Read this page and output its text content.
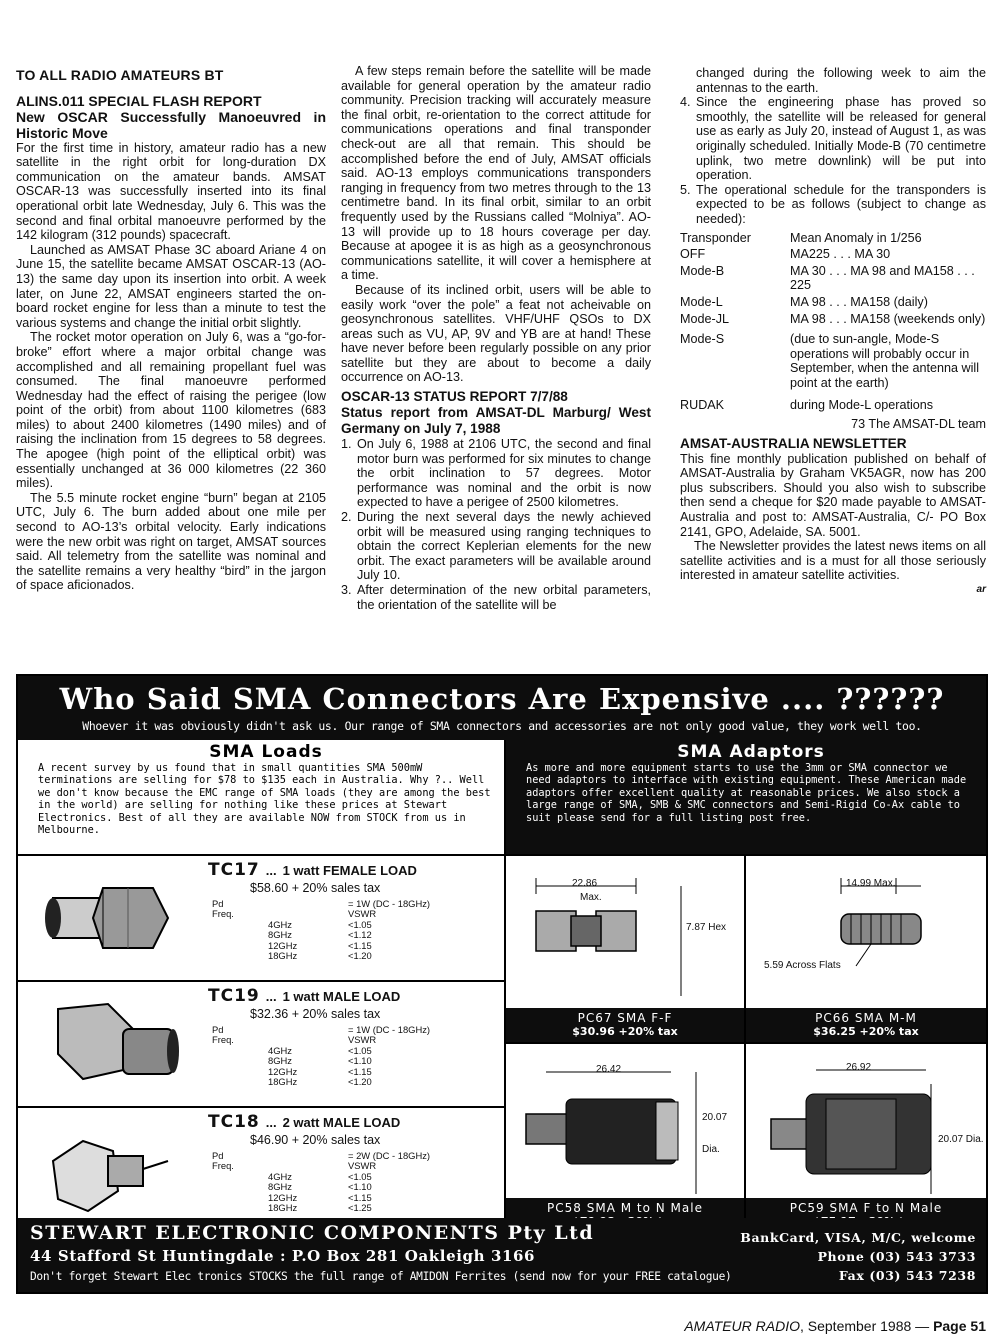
TO ALL RADIO AMATEURS BT
ALINS.011 SPECIAL FLASH REPORT
New OSCAR Successfully Manoeuvred in Historic Move

For the first time in history, amateur radio has a new satellite in the right orbit for long-duration DX communication on the amateur bands. AMSAT OSCAR-13 was successfully inserted into its final operational orbit late Wednesday, July 6. This was the second and final orbital manoeuvre performed by the 142 kilogram (312 pounds) spacecraft.

Launched as AMSAT Phase 3C aboard Ariane 4 on June 15, the satellite became AMSAT OSCAR-13 (AO-13) the same day upon its insertion into orbit. A week later, on June 22, AMSAT engineers started the on-board rocket engine for less than a minute to test the various systems and change the initial orbit slightly.

The rocket motor operation on July 6, was a “go-for-broke” effort where a major orbital change was accomplished and all remaining propellant fuel was consumed. The final manoeuvre performed Wednesday had the effect of raising the perigee (low point of the orbit) from about 1100 kilometres (683 miles) to about 2400 kilometres (1490 miles) and of raising the inclination from 15 degrees to 58 degrees. The apogee (high point of the elliptical orbit) was essentially unchanged at 36 000 kilometres (22 360 miles).

The 5.5 minute rocket engine “burn” began at 2105 UTC, July 6. The burn added about one mile per second to AO-13’s orbital velocity. Early indications were the new orbit was right on target, AMSAT sources said. All telemetry from the satellite was nominal and the satellite remains a very healthy “bird” in the jargon of space aficionados.

A few steps remain before the satellite will be made available for general operation by the amateur radio community. Precision tracking will accurately measure the final orbit, re-orientation to the correct attitude for communications operations and final transponder check-out are all that remain. This should be accomplished before the end of July, AMSAT officials said. AO-13 employs communications transponders ranging in frequency from two metres through to the 13 centimetre band. In its final orbit, similar to an orbit frequently used by the Russians called “Molniya”. AO-13 will provide up to 18 hours coverage per day. Because at apogee it is as high as a geosynchronous communications satellite, it will cover a hemisphere at a time.

Because of its inclined orbit, users will be able to easily work “over the pole” a feat not acheivable on geosynchronous satellites. VHF/UHF QSOs to DX areas such as VU, AP, 9V and YB are at hand! These have never before been regularly possible on any prior satellite but they are about to become a daily occurrence on AO-13.

OSCAR-13 STATUS REPORT 7/7/88
Status report from AMSAT-DL Marburg/ West Germany on July 7, 1988
1. On July 6, 1988 at 2106 UTC, the second and final motor burn was performed for six minutes to change the orbit inclination to 57 degrees. Motor performance was nominal and the orbit is now expected to have a perigee of 2500 kilometres.
2. During the next several days the newly achieved orbit will be measured using ranging techniques to obtain the correct Keplerian elements for the new orbit. The exact parameters will be available around July 10.
3. After determination of the new orbital parameters, the orientation of the satellite will be
changed during the following week to aim the antennas to the earth.
4. Since the engineering phase has proved so smoothly, the satellite will be released for general use as early as July 20, instead of August 1, as was originally scheduled. Initially Mode-B (70 centimetre uplink, two metre downlink) will be put into operation.
5. The operational schedule for the transponders is expected to be as follows (subject to change as needed):
Transponder	Mean Anomaly in 1/256
OFF	MA225 . . . MA 30
Mode-B	MA 30 . . . MA 98 and MA158 . . . 225
Mode-L	MA 98 . . . MA158 (daily)
Mode-JL	MA 98 . . . MA158 (weekends only)
Mode-S	(due to sun-angle, Mode-S operations will probably occur in September, when the antenna will point at the earth)
RUDAK	during Mode-L operations
73 The AMSAT-DL team
AMSAT-AUSTRALIA NEWSLETTER

This fine monthly publication published on behalf of AMSAT-Australia by Graham VK5AGR, now has 200 plus subscribers. Should you also wish to subscribe then send a cheque for $20 made payable to AMSAT-Australia and post to: AMSAT-Australia, C/- PO Box 2141, GPO, Adelaide, SA. 5001.

The Newsletter provides the latest news items on all satellite activities and is a must for all those seriously interested in amateur satellite activities.

ar
Who Said SMA Connectors Are Expensive .... ??????
Whoever it was obviously didn't ask us. Our range of SMA connectors and accessories are not only good value, they work well too.
SMA Loads
A recent survey by us found that in small quantities SMA 500mW terminations are selling for $78 to $135 each in Australia. Why ?.. Well we don't know because the EMC range of SMA loads (they are among the best in the world) are selling for nothing like these prices at Stewart Electronics. Best of all they are available NOW from STOCK from us in Melbourne.
SMA Adaptors
As more and more equipment starts to use the 3mm or SMA connector we need adaptors to interface with existing equipment. These American made adaptors offer excellent quality at reasonable prices. We also stock a large range of SMA, SMB & SMC connectors and Semi-Rigid Co-Ax cable to suit please send for a full listing post free.
TC17 ... 1 watt FEMALE LOAD
$58.60 + 20% sales tax
Pd	= 1W (DC - 18GHz)
Freq.	VSWR
4GHz	<1.05
8GHz	<1.12
12GHz	<1.15
18GHz	<1.20
TC19 ... 1 watt MALE LOAD
$32.36 + 20% sales tax
Pd	= 1W (DC - 18GHz)
Freq.	VSWR
4GHz	<1.05
8GHz	<1.10
12GHz	<1.15
18GHz	<1.20
TC18 ... 2 watt MALE LOAD
$46.90 + 20% sales tax
Pd	= 2W (DC - 18GHz)
Freq.	VSWR
4GHz	<1.05
8GHz	<1.10
12GHz	<1.15
18GHz	<1.25
22.86
Max.
7.87 Hex
PC67 SMA F-F
$30.96 +20% tax
14.99 Max.
5.59 Across Flats
PC66 SMA M-M
$36.25 +20% tax
26.42
20.07
Dia.
PC58 SMA M to N Male
26.92
20.07 Dia.
PC59 SMA F to N Male
STEWART ELECTRONIC COMPONENTS Pty Ltd
44 Stafford St Huntingdale : P.O Box 281 Oakleigh 3166
Don't forget Stewart Elec tronics STOCKS the full range of AMIDON Ferrites (send now for your FREE catalogue)
BankCard, VISA, M/C, welcome
Phone (03) 543 3733
Fax (03) 543 7238
AMATEUR RADIO, September 1988 — Page 51
